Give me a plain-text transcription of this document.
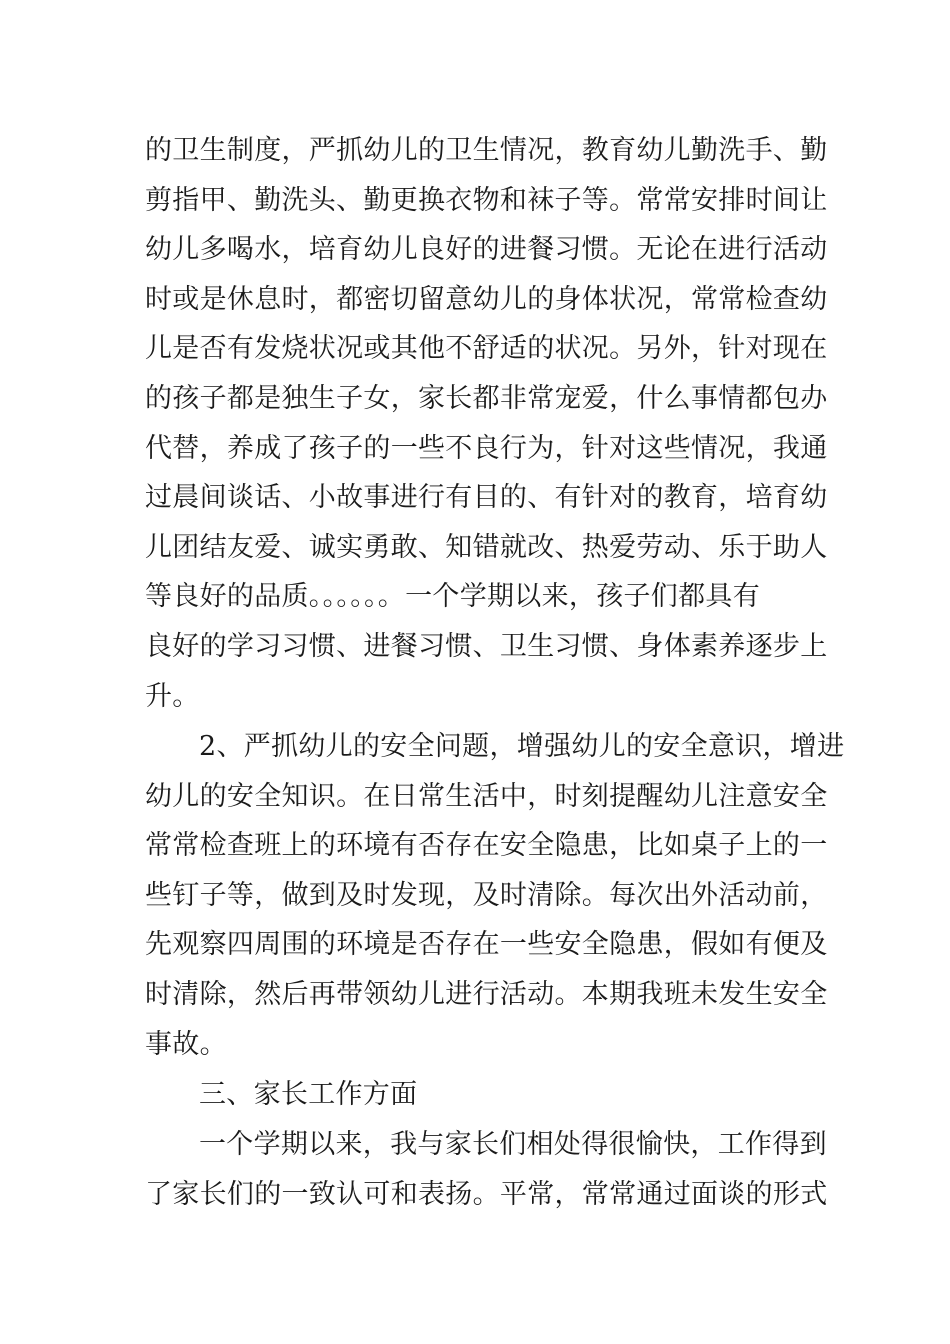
的卫生制度，严抓幼儿的卫生情况，教育幼儿勤洗手、勤
剪指甲、勤洗头、勤更换衣物和袜子等。常常安排时间让
幼儿多喝水，培育幼儿良好的进餐习惯。无论在进行活动
时或是休息时，都密切留意幼儿的身体状况，常常检查幼
儿是否有发烧状况或其他不舒适的状况。另外，针对现在
的孩子都是独生子女，家长都非常宠爱，什么事情都包办
代替，养成了孩子的一些不良行为，针对这些情况，我通
过晨间谈话、小故事进行有目的、有针对的教育，培育幼
儿团结友爱、诚实勇敢、知错就改、热爱劳动、乐于助人
等良好的品质。。。。。。一个学期以来，孩子们都具有
良好的学习习惯、进餐习惯、卫生习惯、身体素养逐步上
升。
2、严抓幼儿的安全问题，增强幼儿的安全意识，增进
幼儿的安全知识。在日常生活中，时刻提醒幼儿注意安全
常常检查班上的环境有否存在安全隐患，比如桌子上的一
些钉子等，做到及时发现，及时清除。每次出外活动前，
先观察四周围的环境是否存在一些安全隐患，假如有便及
时清除，然后再带领幼儿进行活动。本期我班未发生安全
事故。
三、家长工作方面
一个学期以来，我与家长们相处得很愉快，工作得到
了家长们的一致认可和表扬。平常，常常通过面谈的形式
